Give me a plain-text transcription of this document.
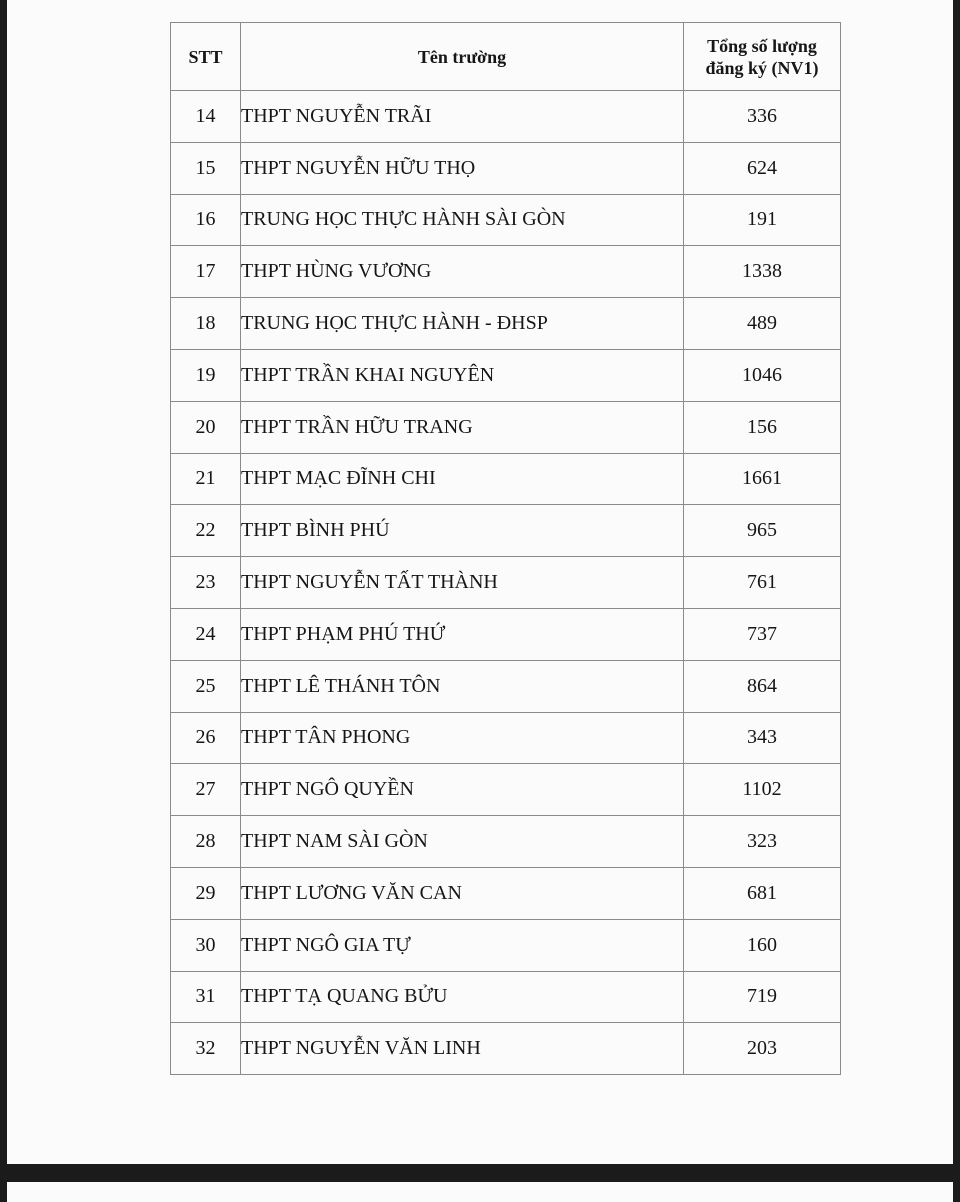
STT	Tên trường	Tổng số lượng
đăng ký (NV1)

14	THPT NGUYỄN TRÃI	336
15	THPT NGUYỄN HỮU THỌ	624
16	TRUNG HỌC THỰC HÀNH SÀI GÒN	191
17	THPT HÙNG VƯƠNG	1338
18	TRUNG HỌC THỰC HÀNH - ĐHSP	489
19	THPT TRẦN KHAI NGUYÊN	1046
20	THPT TRẦN HỮU TRANG	156
21	THPT MẠC ĐĨNH CHI	1661
22	THPT BÌNH PHÚ	965
23	THPT NGUYỄN TẤT THÀNH	761
24	THPT PHẠM PHÚ THỨ	737
25	THPT LÊ THÁNH TÔN	864
26	THPT TÂN PHONG	343
27	THPT NGÔ QUYỀN	1102
28	THPT NAM SÀI GÒN	323
29	THPT LƯƠNG VĂN CAN	681
30	THPT NGÔ GIA TỰ	160
31	THPT TẠ QUANG BỬU	719
32	THPT NGUYỄN VĂN LINH	203
